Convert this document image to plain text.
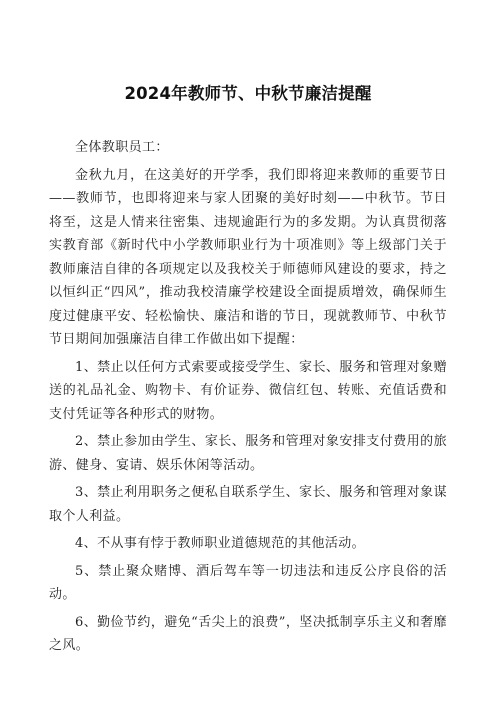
2024年教师节、中秋节廉洁提醒

全体教职员工：

金秋九月，在这美好的开学季，我们即将迎来教师的重要节日——教师节，也即将迎来与家人团聚的美好时刻——中秋节。节日将至，这是人情来往密集、违规逾距行为的多发期。为认真贯彻落实教育部《新时代中小学教师职业行为十项准则》等上级部门关于教师廉洁自律的各项规定以及我校关于师德师风建设的要求，持之以恒纠正“四风”，推动我校清廉学校建设全面提质增效，确保师生度过健康平安、轻松愉快、廉洁和谐的节日，现就教师节、中秋节节日期间加强廉洁自律工作做出如下提醒：

1、禁止以任何方式索要或接受学生、家长、服务和管理对象赠送的礼品礼金、购物卡、有价证券、微信红包、转账、充值话费和支付凭证等各种形式的财物。

2、禁止参加由学生、家长、服务和管理对象安排支付费用的旅游、健身、宴请、娱乐休闲等活动。

3、禁止利用职务之便私自联系学生、家长、服务和管理对象谋取个人利益。

4、不从事有悖于教师职业道德规范的其他活动。

5、禁止聚众赌博、酒后驾车等一切违法和违反公序良俗的活动。

6、勤俭节约，避免“舌尖上的浪费”，坚决抵制享乐主义和奢靡之风。
